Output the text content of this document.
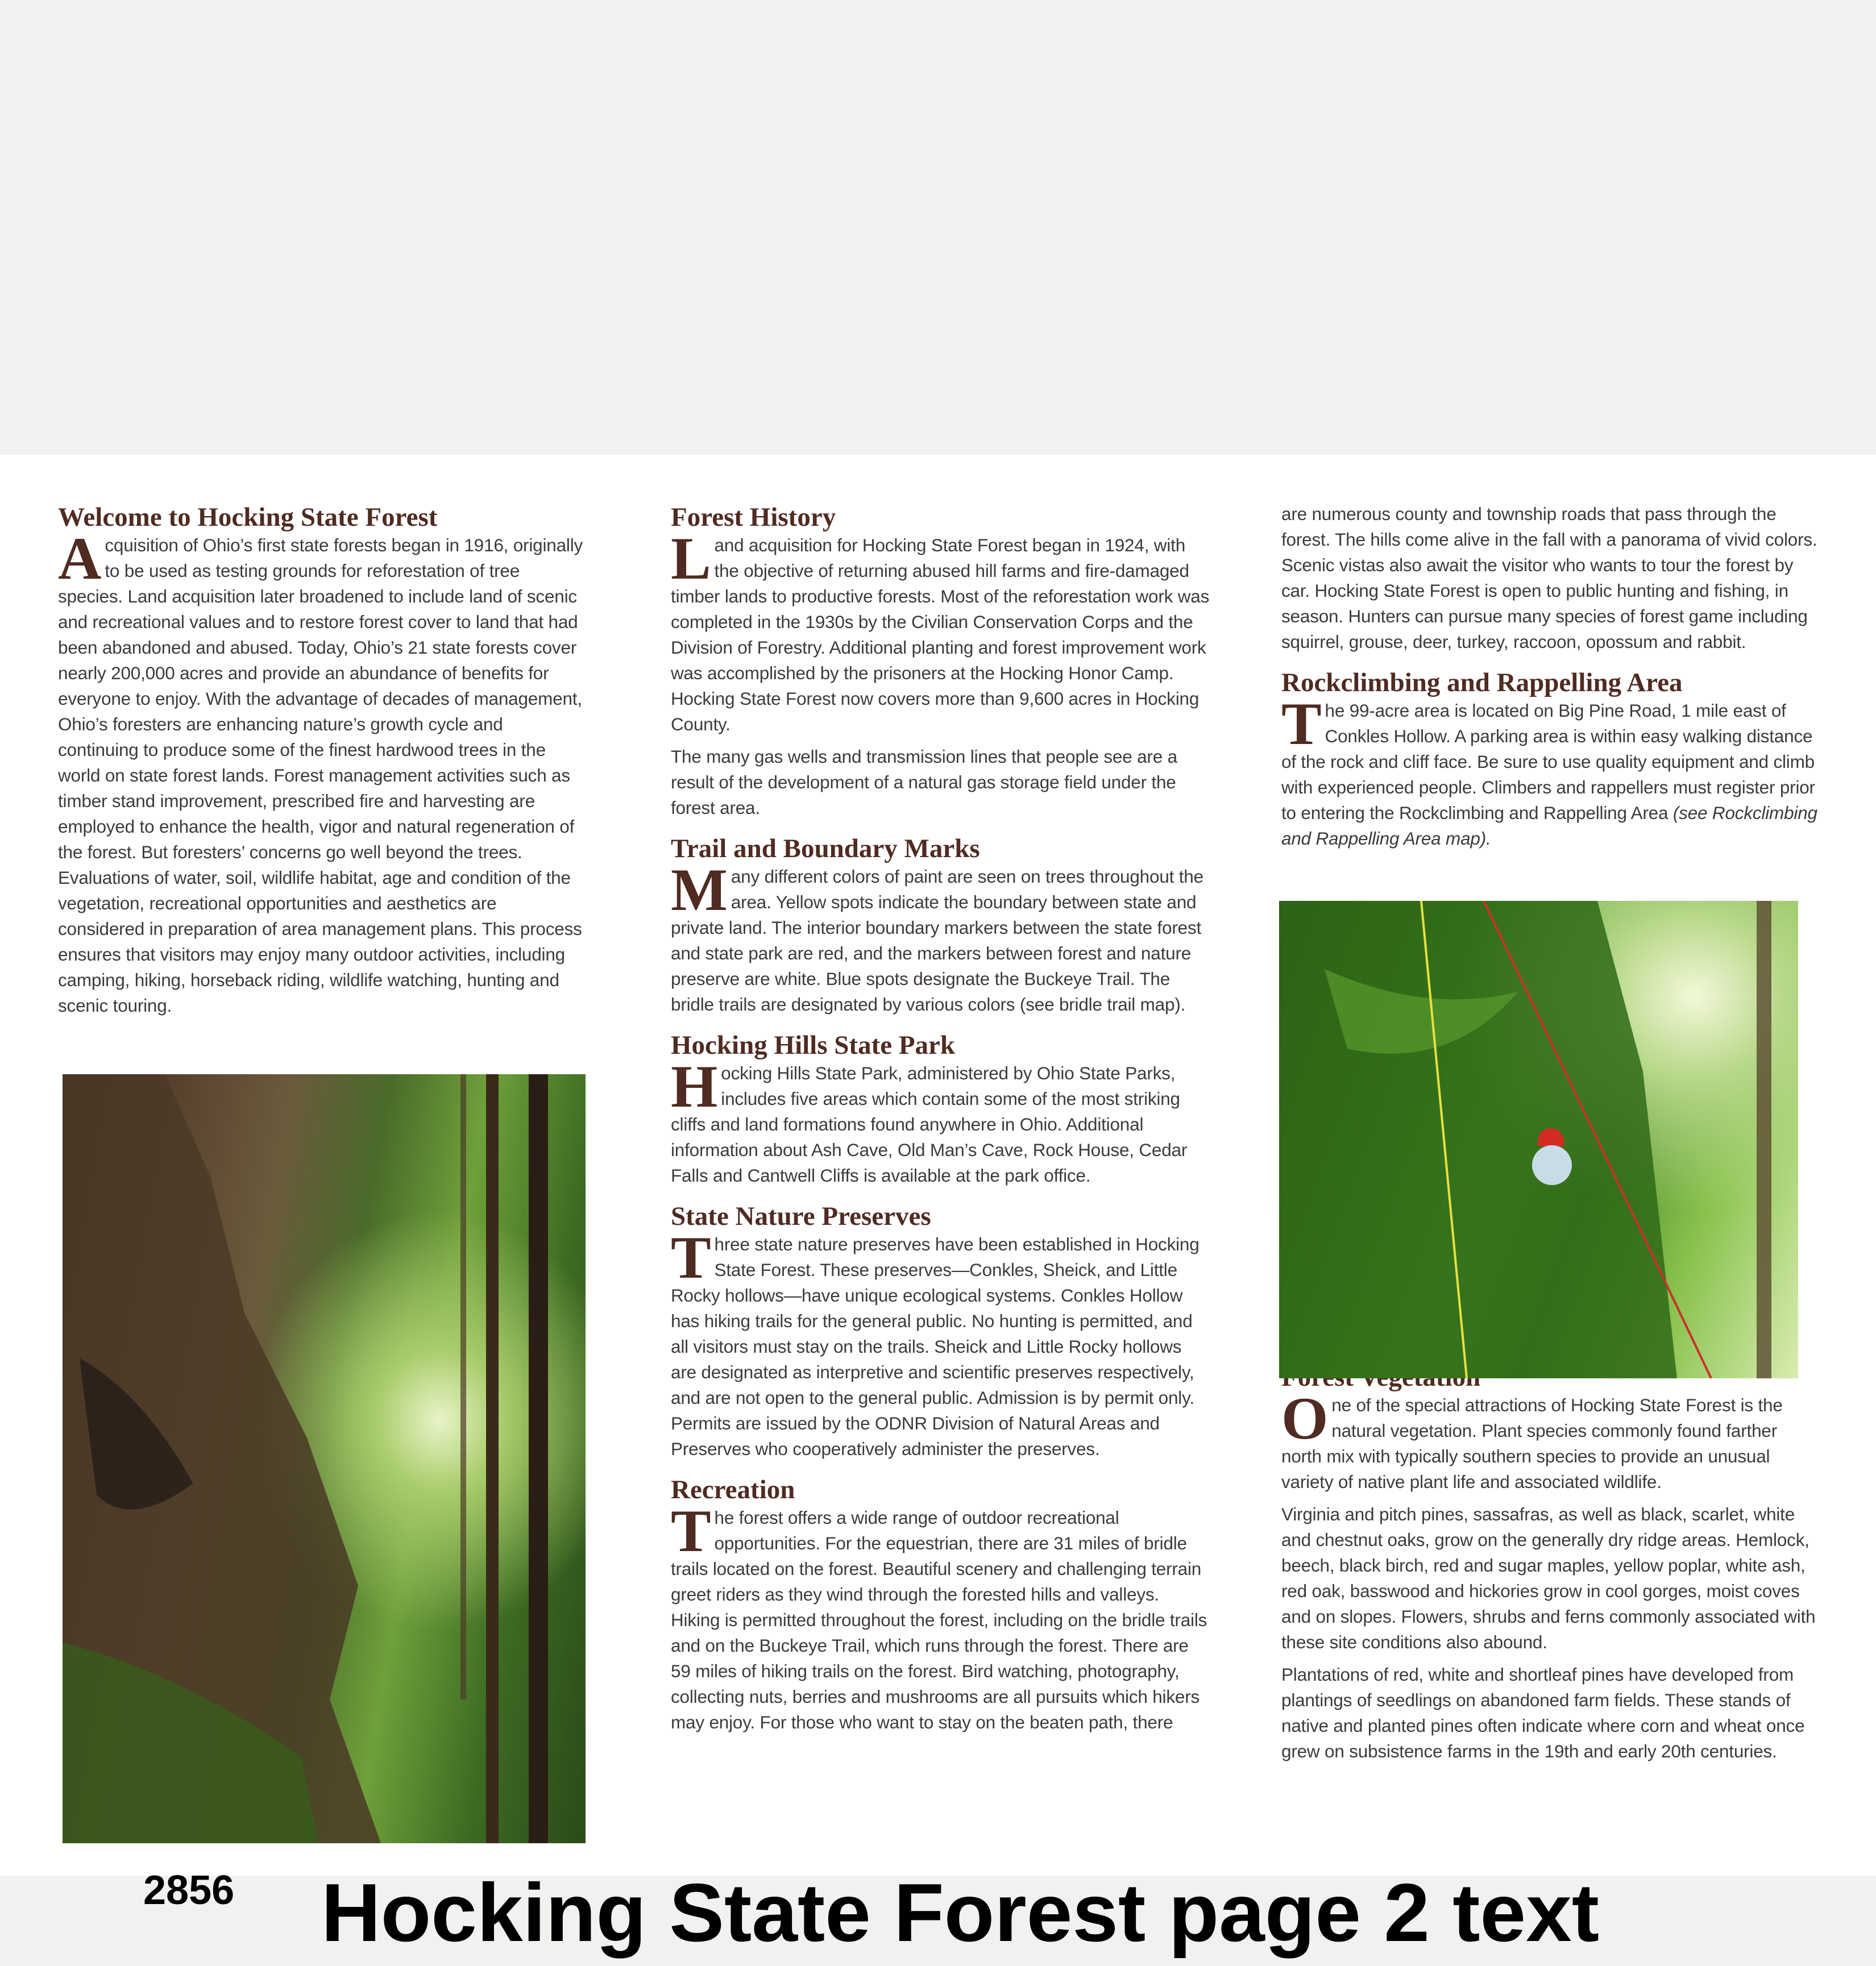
Welcome to Hocking State Forest

Acquisition of Ohio’s first state forests began in 1916, originally to be used as testing grounds for reforestation of tree species. Land acquisition later broadened to include land of scenic and recreational values and to restore forest cover to land that had been abandoned and abused. Today, Ohio’s 21 state forests cover nearly 200,000 acres and provide an abundance of benefits for everyone to enjoy. With the advantage of decades of management, Ohio’s foresters are enhancing nature’s growth cycle and continuing to produce some of the finest hardwood trees in the world on state forest lands. Forest management activities such as timber stand improvement, prescribed fire and harvesting are employed to enhance the health, vigor and natural regeneration of the forest. But foresters’ concerns go well beyond the trees. Evaluations of water, soil, wildlife habitat, age and condition of the vegetation, recreational opportunities and aesthetics are considered in preparation of area management plans. This process ensures that visitors may enjoy many outdoor activities, including camping, hiking, horseback riding, wildlife watching, hunting and scenic touring.

Forest History

Land acquisition for Hocking State Forest began in 1924, with the objective of returning abused hill farms and fire-damaged timber lands to productive forests. Most of the reforestation work was completed in the 1930s by the Civilian Conservation Corps and the Division of Forestry. Additional planting and forest improvement work was accomplished by the prisoners at the Hocking Honor Camp. Hocking State Forest now covers more than 9,600 acres in Hocking County.

The many gas wells and transmission lines that people see are a result of the development of a natural gas storage field under the forest area.

Trail and Boundary Marks

Many different colors of paint are seen on trees throughout the area. Yellow spots indicate the boundary between state and private land. The interior boundary markers between the state forest and state park are red, and the markers between forest and nature preserve are white. Blue spots designate the Buckeye Trail. The bridle trails are designated by various colors (see bridle trail map).

Hocking Hills State Park

Hocking Hills State Park, administered by Ohio State Parks, includes five areas which contain some of the most striking cliffs and land formations found anywhere in Ohio. Additional information about Ash Cave, Old Man’s Cave, Rock House, Cedar Falls and Cantwell Cliffs is available at the park office.

State Nature Preserves

Three state nature preserves have been established in Hocking State Forest. These preserves—Conkles, Sheick, and Little Rocky hollows—have unique ecological systems. Conkles Hollow has hiking trails for the general public. No hunting is permitted, and all visitors must stay on the trails. Sheick and Little Rocky hollows are designated as interpretive and scientific preserves respectively, and are not open to the general public. Admission is by permit only. Permits are issued by the ODNR Division of Natural Areas and Preserves who cooperatively administer the preserves.

Recreation

The forest offers a wide range of outdoor recreational opportunities. For the equestrian, there are 31 miles of bridle trails located on the forest. Beautiful scenery and challenging terrain greet riders as they wind through the forested hills and valleys. Hiking is permitted throughout the forest, including on the bridle trails and on the Buckeye Trail, which runs through the forest. There are 59 miles of hiking trails on the forest. Bird watching, photography, collecting nuts, berries and mushrooms are all pursuits which hikers may enjoy. For those who want to stay on the beaten path, there

are numerous county and township roads that pass through the forest. The hills come alive in the fall with a panorama of vivid colors. Scenic vistas also await the visitor who wants to tour the forest by car. Hocking State Forest is open to public hunting and fishing, in season. Hunters can pursue many species of forest game including squirrel, grouse, deer, turkey, raccoon, opossum and rabbit.

Rockclimbing and Rappelling Area

The 99-acre area is located on Big Pine Road, 1 mile east of Conkles Hollow. A parking area is within easy walking distance of the rock and cliff face. Be sure to use quality equipment and climb with experienced people. Climbers and rappellers must register prior to entering the Rockclimbing and Rappelling Area (see Rockclimbing and Rappelling Area map).

One of the special attractions of Hocking State Forest is the natural vegetation. Plant species commonly found farther north mix with typically southern species to provide an unusual variety of native plant life and associated wildlife.

Virginia and pitch pines, sassafras, as well as black, scarlet, white and chestnut oaks, grow on the generally dry ridge areas. Hemlock, beech, black birch, red and sugar maples, yellow poplar, white ash, red oak, basswood and hickories grow in cool gorges, moist coves and on slopes. Flowers, shrubs and ferns commonly associated with these site conditions also abound.

Plantations of red, white and shortleaf pines have developed from plantings of seedlings on abandoned farm fields. These stands of native and planted pines often indicate where corn and wheat once grew on subsistence farms in the 19th and early 20th centuries.

2856 Hocking State Forest page 2 text
